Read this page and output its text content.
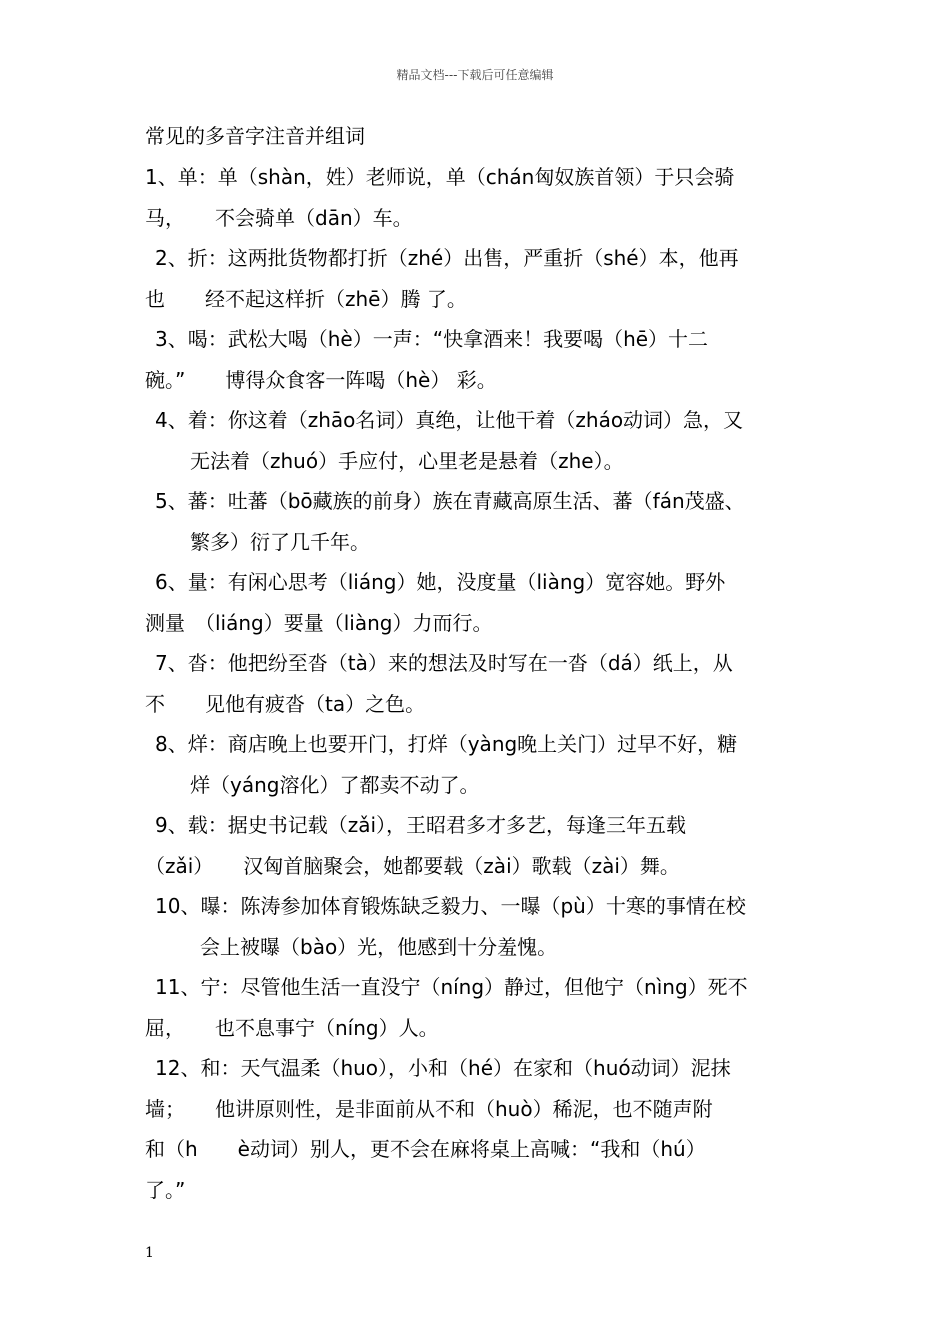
精品文档---下载后可任意编辑
常见的多音字注音并组词
1、单：单（shàn，姓）老师说，单（chán匈奴族首领）于只会骑
马，　　不会骑单（dān）车。
2、折：这两批货物都打折（zhé）出售，严重折（shé）本，他再
也　　经不起这样折（zhē）腾 了。
3、喝：武松大喝（hè）一声：“快拿酒来！我要喝（hē）十二
碗。”　　博得众食客一阵喝（hè） 彩。
4、着：你这着（zhāo名词）真绝，让他干着（zháo动词）急，又
无法着（zhuó）手应付，心里老是悬着（zhe）。
5、蕃：吐蕃（bō藏族的前身）族在青藏高原生活、蕃（fán茂盛、
繁多）衍了几千年。
6、量：有闲心思考（liáng）她，没度量（liàng）宽容她。野外
测量　（liáng）要量（liàng）力而行。
7、沓：他把纷至沓（tà）来的想法及时写在一沓（dá）纸上，从
不　　见他有疲沓（ta）之色。
8、烊：商店晚上也要开门，打烊（yàng晚上关门）过早不好，糖
烊（yáng溶化）了都卖不动了。
9、载：据史书记载（zǎi），王昭君多才多艺，每逢三年五载
（zǎi）　　汉匈首脑聚会，她都要载（zài）歌载（zài）舞。
10、曝：陈涛参加体育锻炼缺乏毅力、一曝（pù）十寒的事情在校
会上被曝（bào）光，他感到十分羞愧。
11、宁：尽管他生活一直没宁（níng）静过，但他宁（nìng）死不
屈，　　也不息事宁（níng）人。
12、和：天气温柔（huo），小和（hé）在家和（huó动词）泥抹
墙；　　他讲原则性，是非面前从不和（huò）稀泥，也不随声附
和（h　　è动词）别人，更不会在麻将桌上高喊：“我和（hú）
了。”
1
